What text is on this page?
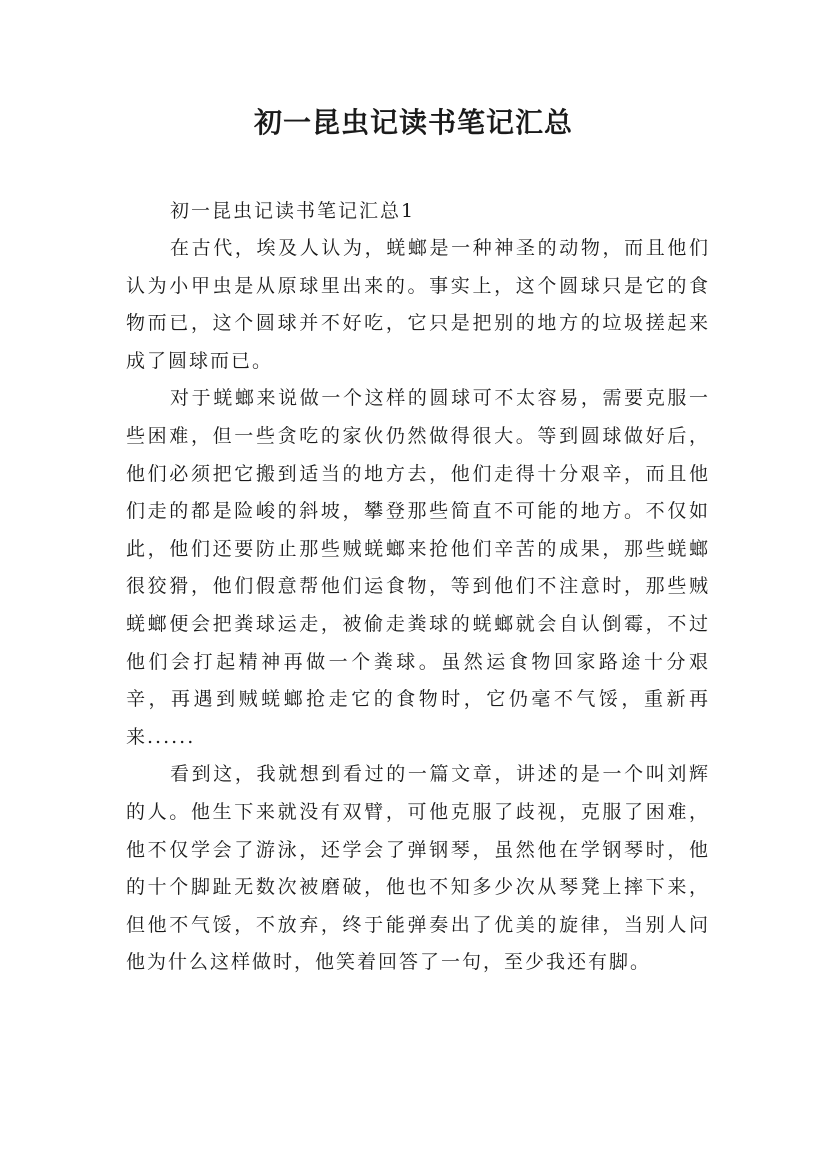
初一昆虫记读书笔记汇总

初一昆虫记读书笔记汇总1

在古代，埃及人认为，蜣螂是一种神圣的动物，而且他们认为小甲虫是从原球里出来的。事实上，这个圆球只是它的食物而已，这个圆球并不好吃，它只是把别的地方的垃圾搓起来成了圆球而已。

对于蜣螂来说做一个这样的圆球可不太容易，需要克服一些困难，但一些贪吃的家伙仍然做得很大。等到圆球做好后，他们必须把它搬到适当的地方去，他们走得十分艰辛，而且他们走的都是险峻的斜坡，攀登那些简直不可能的地方。不仅如此，他们还要防止那些贼蜣螂来抢他们辛苦的成果，那些蜣螂很狡猾，他们假意帮他们运食物，等到他们不注意时，那些贼蜣螂便会把粪球运走，被偷走粪球的蜣螂就会自认倒霉，不过他们会打起精神再做一个粪球。虽然运食物回家路途十分艰辛，再遇到贼蜣螂抢走它的食物时，它仍毫不气馁，重新再来......

看到这，我就想到看过的一篇文章，讲述的是一个叫刘辉的人。他生下来就没有双臂，可他克服了歧视，克服了困难，他不仅学会了游泳，还学会了弹钢琴，虽然他在学钢琴时，他的十个脚趾无数次被磨破，他也不知多少次从琴凳上摔下来，但他不气馁，不放弃，终于能弹奏出了优美的旋律，当别人问他为什么这样做时，他笑着回答了一句，至少我还有脚。
